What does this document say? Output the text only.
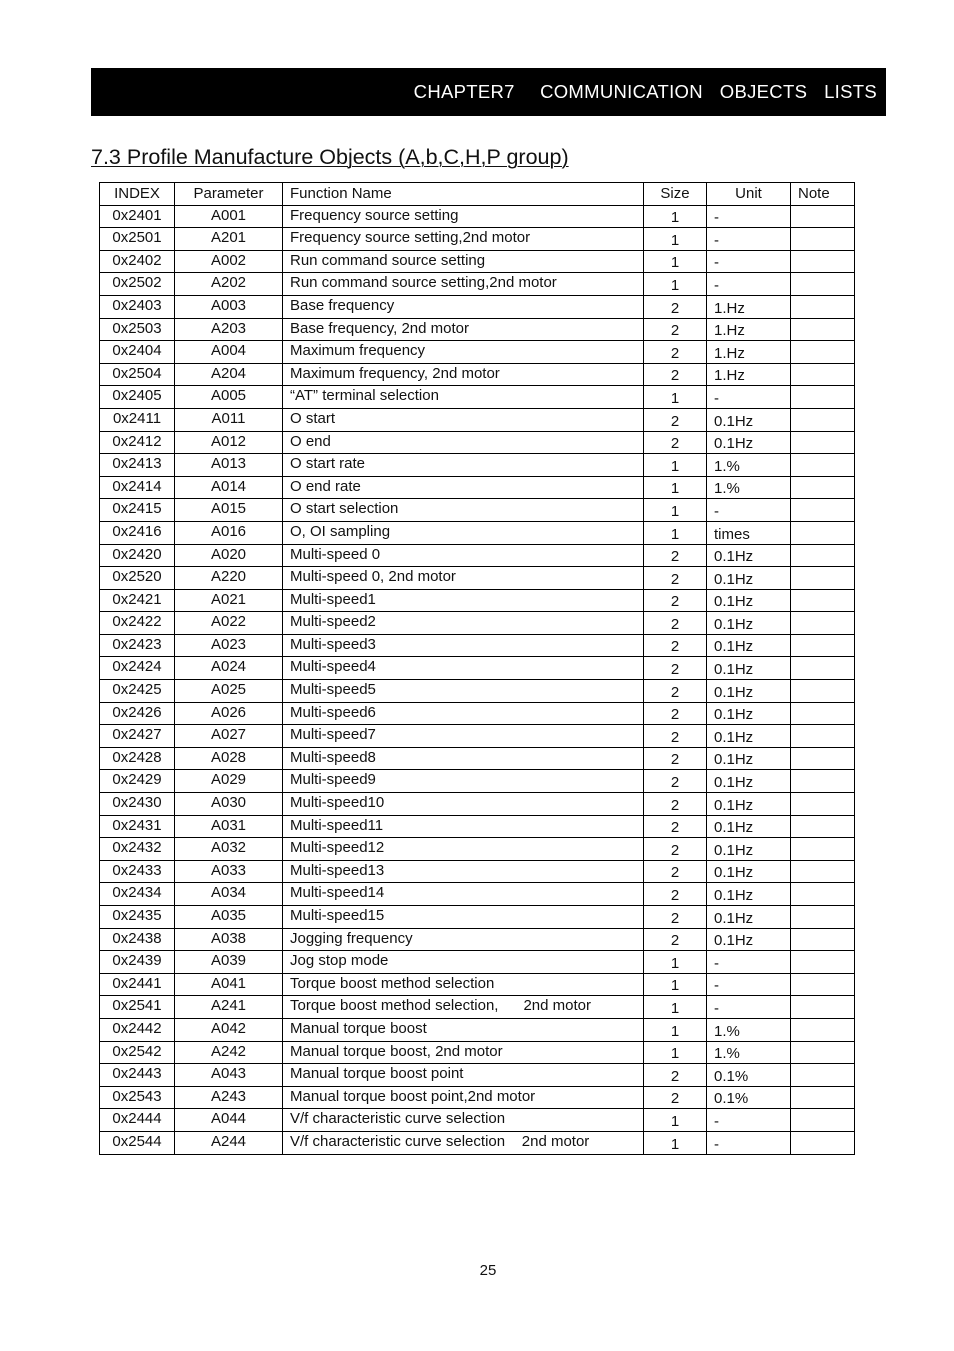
CHAPTER7   COMMUNICATION  OBJECTS  LISTS
7.3 Profile Manufacture Objects (A,b,C,H,P group)
INDEX	Parameter	Function Name	Size	Unit	Note
0x2401	A001	Frequency source setting	1	-	
0x2501	A201	Frequency source setting,2nd motor	1	-	
0x2402	A002	Run command source setting	1	-	
0x2502	A202	Run command source setting,2nd motor	1	-	
0x2403	A003	Base frequency	2	1.Hz	
0x2503	A203	Base frequency, 2nd motor	2	1.Hz	
0x2404	A004	Maximum frequency	2	1.Hz	
0x2504	A204	Maximum frequency, 2nd motor	2	1.Hz	
0x2405	A005	“AT” terminal selection	1	-	
0x2411	A011	O start	2	0.1Hz	
0x2412	A012	O end	2	0.1Hz	
0x2413	A013	O start rate	1	1.%	
0x2414	A014	O end rate	1	1.%	
0x2415	A015	O start selection	1	-	
0x2416	A016	O, OI sampling	1	times	
0x2420	A020	Multi-speed 0	2	0.1Hz	
0x2520	A220	Multi-speed 0, 2nd motor	2	0.1Hz	
0x2421	A021	Multi-speed1	2	0.1Hz	
0x2422	A022	Multi-speed2	2	0.1Hz	
0x2423	A023	Multi-speed3	2	0.1Hz	
0x2424	A024	Multi-speed4	2	0.1Hz	
0x2425	A025	Multi-speed5	2	0.1Hz	
0x2426	A026	Multi-speed6	2	0.1Hz	
0x2427	A027	Multi-speed7	2	0.1Hz	
0x2428	A028	Multi-speed8	2	0.1Hz	
0x2429	A029	Multi-speed9	2	0.1Hz	
0x2430	A030	Multi-speed10	2	0.1Hz	
0x2431	A031	Multi-speed11	2	0.1Hz	
0x2432	A032	Multi-speed12	2	0.1Hz	
0x2433	A033	Multi-speed13	2	0.1Hz	
0x2434	A034	Multi-speed14	2	0.1Hz	
0x2435	A035	Multi-speed15	2	0.1Hz	
0x2438	A038	Jogging frequency	2	0.1Hz	
0x2439	A039	Jog stop mode	1	-	
0x2441	A041	Torque boost method selection	1	-	
0x2541	A241	Torque boost method selection,      2nd motor	1	-	
0x2442	A042	Manual torque boost	1	1.%	
0x2542	A242	Manual torque boost, 2nd motor	1	1.%	
0x2443	A043	Manual torque boost point	2	0.1%	
0x2543	A243	Manual torque boost point,2nd motor	2	0.1%	
0x2444	A044	V/f characteristic curve selection	1	-	
0x2544	A244	V/f characteristic curve selection    2nd motor	1	-	
25
